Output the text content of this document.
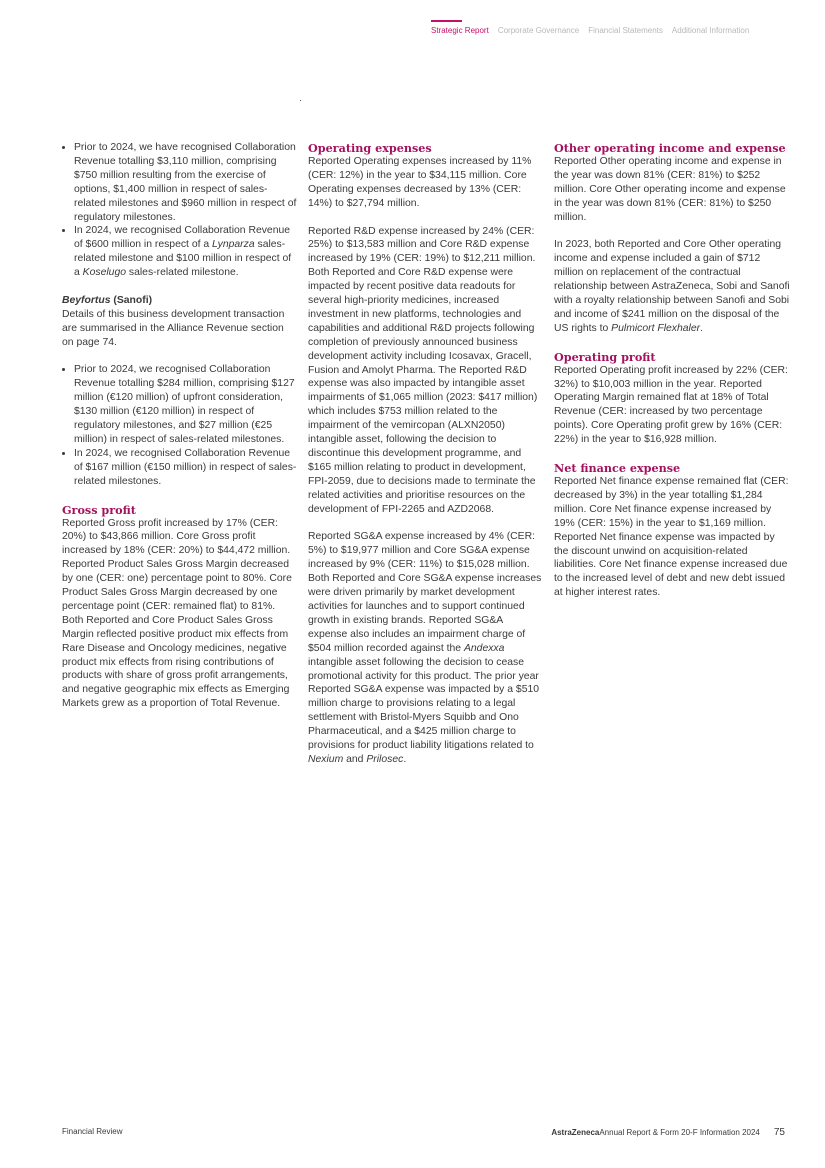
Strategic Report Corporate Governance Financial Statements Additional Information
• Prior to 2024, we have recognised Collaboration Revenue totalling $3,110 million, comprising $750 million resulting from the exercise of options, $1,400 million in respect of sales-related milestones and $960 million in respect of regulatory milestones.
• In 2024, we recognised Collaboration Revenue of $600 million in respect of a Lynparza sales-related milestone and $100 million in respect of a Koselugo sales-related milestone.
Beyfortus (Sanofi)

Details of this business development transaction are summarised in the Alliance Revenue section on page 74.

• Prior to 2024, we recognised Collaboration Revenue totalling $284 million, comprising $127 million (€120 million) of upfront consideration, $130 million (€120 million) in respect of regulatory milestones, and $27 million (€25 million) in respect of sales-related milestones.
• In 2024, we recognised Collaboration Revenue of $167 million (€150 million) in respect of sales-related milestones.
Gross profit

Reported Gross profit increased by 17% (CER: 20%) to $43,866 million. Core Gross profit increased by 18% (CER: 20%) to $44,472 million. Reported Product Sales Gross Margin decreased by one (CER: one) percentage point to 80%. Core Product Sales Gross Margin decreased by one percentage point (CER: remained flat) to 81%. Both Reported and Core Product Sales Gross Margin reflected positive product mix effects from Rare Disease and Oncology medicines, negative product mix effects from rising contributions of products with share of gross profit arrangements, and negative geographic mix effects as Emerging Markets grew as a proportion of Total Revenue.

Operating expenses

Reported Operating expenses increased by 11% (CER: 12%) in the year to $34,115 million. Core Operating expenses decreased by 13% (CER: 14%) to $27,794 million.

Reported R&D expense increased by 24% (CER: 25%) to $13,583 million and Core R&D expense increased by 19% (CER: 19%) to $12,211 million. Both Reported and Core R&D expense were impacted by recent positive data readouts for several high-priority medicines, increased investment in new platforms, technologies and capabilities and additional R&D projects following completion of previously announced business development activity including Icosavax, Gracell, Fusion and Amolyt Pharma. The Reported R&D expense was also impacted by intangible asset impairments of $1,065 million (2023: $417 million) which includes $753 million related to the impairment of the vemircopan (ALXN2050) intangible asset, following the decision to discontinue this development programme, and $165 million relating to product in development, FPI-2059, due to decisions made to terminate the related activities and prioritise resources on the development of FPI-2265 and AZD2068.

Reported SG&A expense increased by 4% (CER: 5%) to $19,977 million and Core SG&A expense increased by 9% (CER: 11%) to $15,028 million. Both Reported and Core SG&A expense increases were driven primarily by market development activities for launches and to support continued growth in existing brands. Reported SG&A expense also includes an impairment charge of $504 million recorded against the Andexxa intangible asset following the decision to cease promotional activity for this product. The prior year Reported SG&A expense was impacted by a $510 million charge to provisions relating to a legal settlement with Bristol-Myers Squibb and Ono Pharmaceutical, and a $425 million charge to provisions for product liability litigations related to Nexium and Prilosec.

Other operating income and expense

Reported Other operating income and expense in the year was down 81% (CER: 81%) to $252 million. Core Other operating income and expense in the year was down 81% (CER: 81%) to $250 million.

In 2023, both Reported and Core Other operating income and expense included a gain of $712 million on replacement of the contractual relationship between AstraZeneca, Sobi and Sanofi with a royalty relationship between Sanofi and Sobi and income of $241 million on the disposal of the US rights to Pulmicort Flexhaler.

Operating profit

Reported Operating profit increased by 22% (CER: 32%) to $10,003 million in the year. Reported Operating Margin remained flat at 18% of Total Revenue (CER: increased by two percentage points). Core Operating profit grew by 16% (CER: 22%) in the year to $16,928 million.

Net finance expense

Reported Net finance expense remained flat (CER: decreased by 3%) in the year totalling $1,284 million. Core Net finance expense increased by 19% (CER: 15%) in the year to $1,169 million. Reported Net finance expense was impacted by the discount unwind on acquisition-related liabilities. Core Net finance expense increased due to the increased level of debt and new debt issued at higher interest rates.

Financial Review	AstraZeneca Annual Report & Form 20-F Information 2024 75
